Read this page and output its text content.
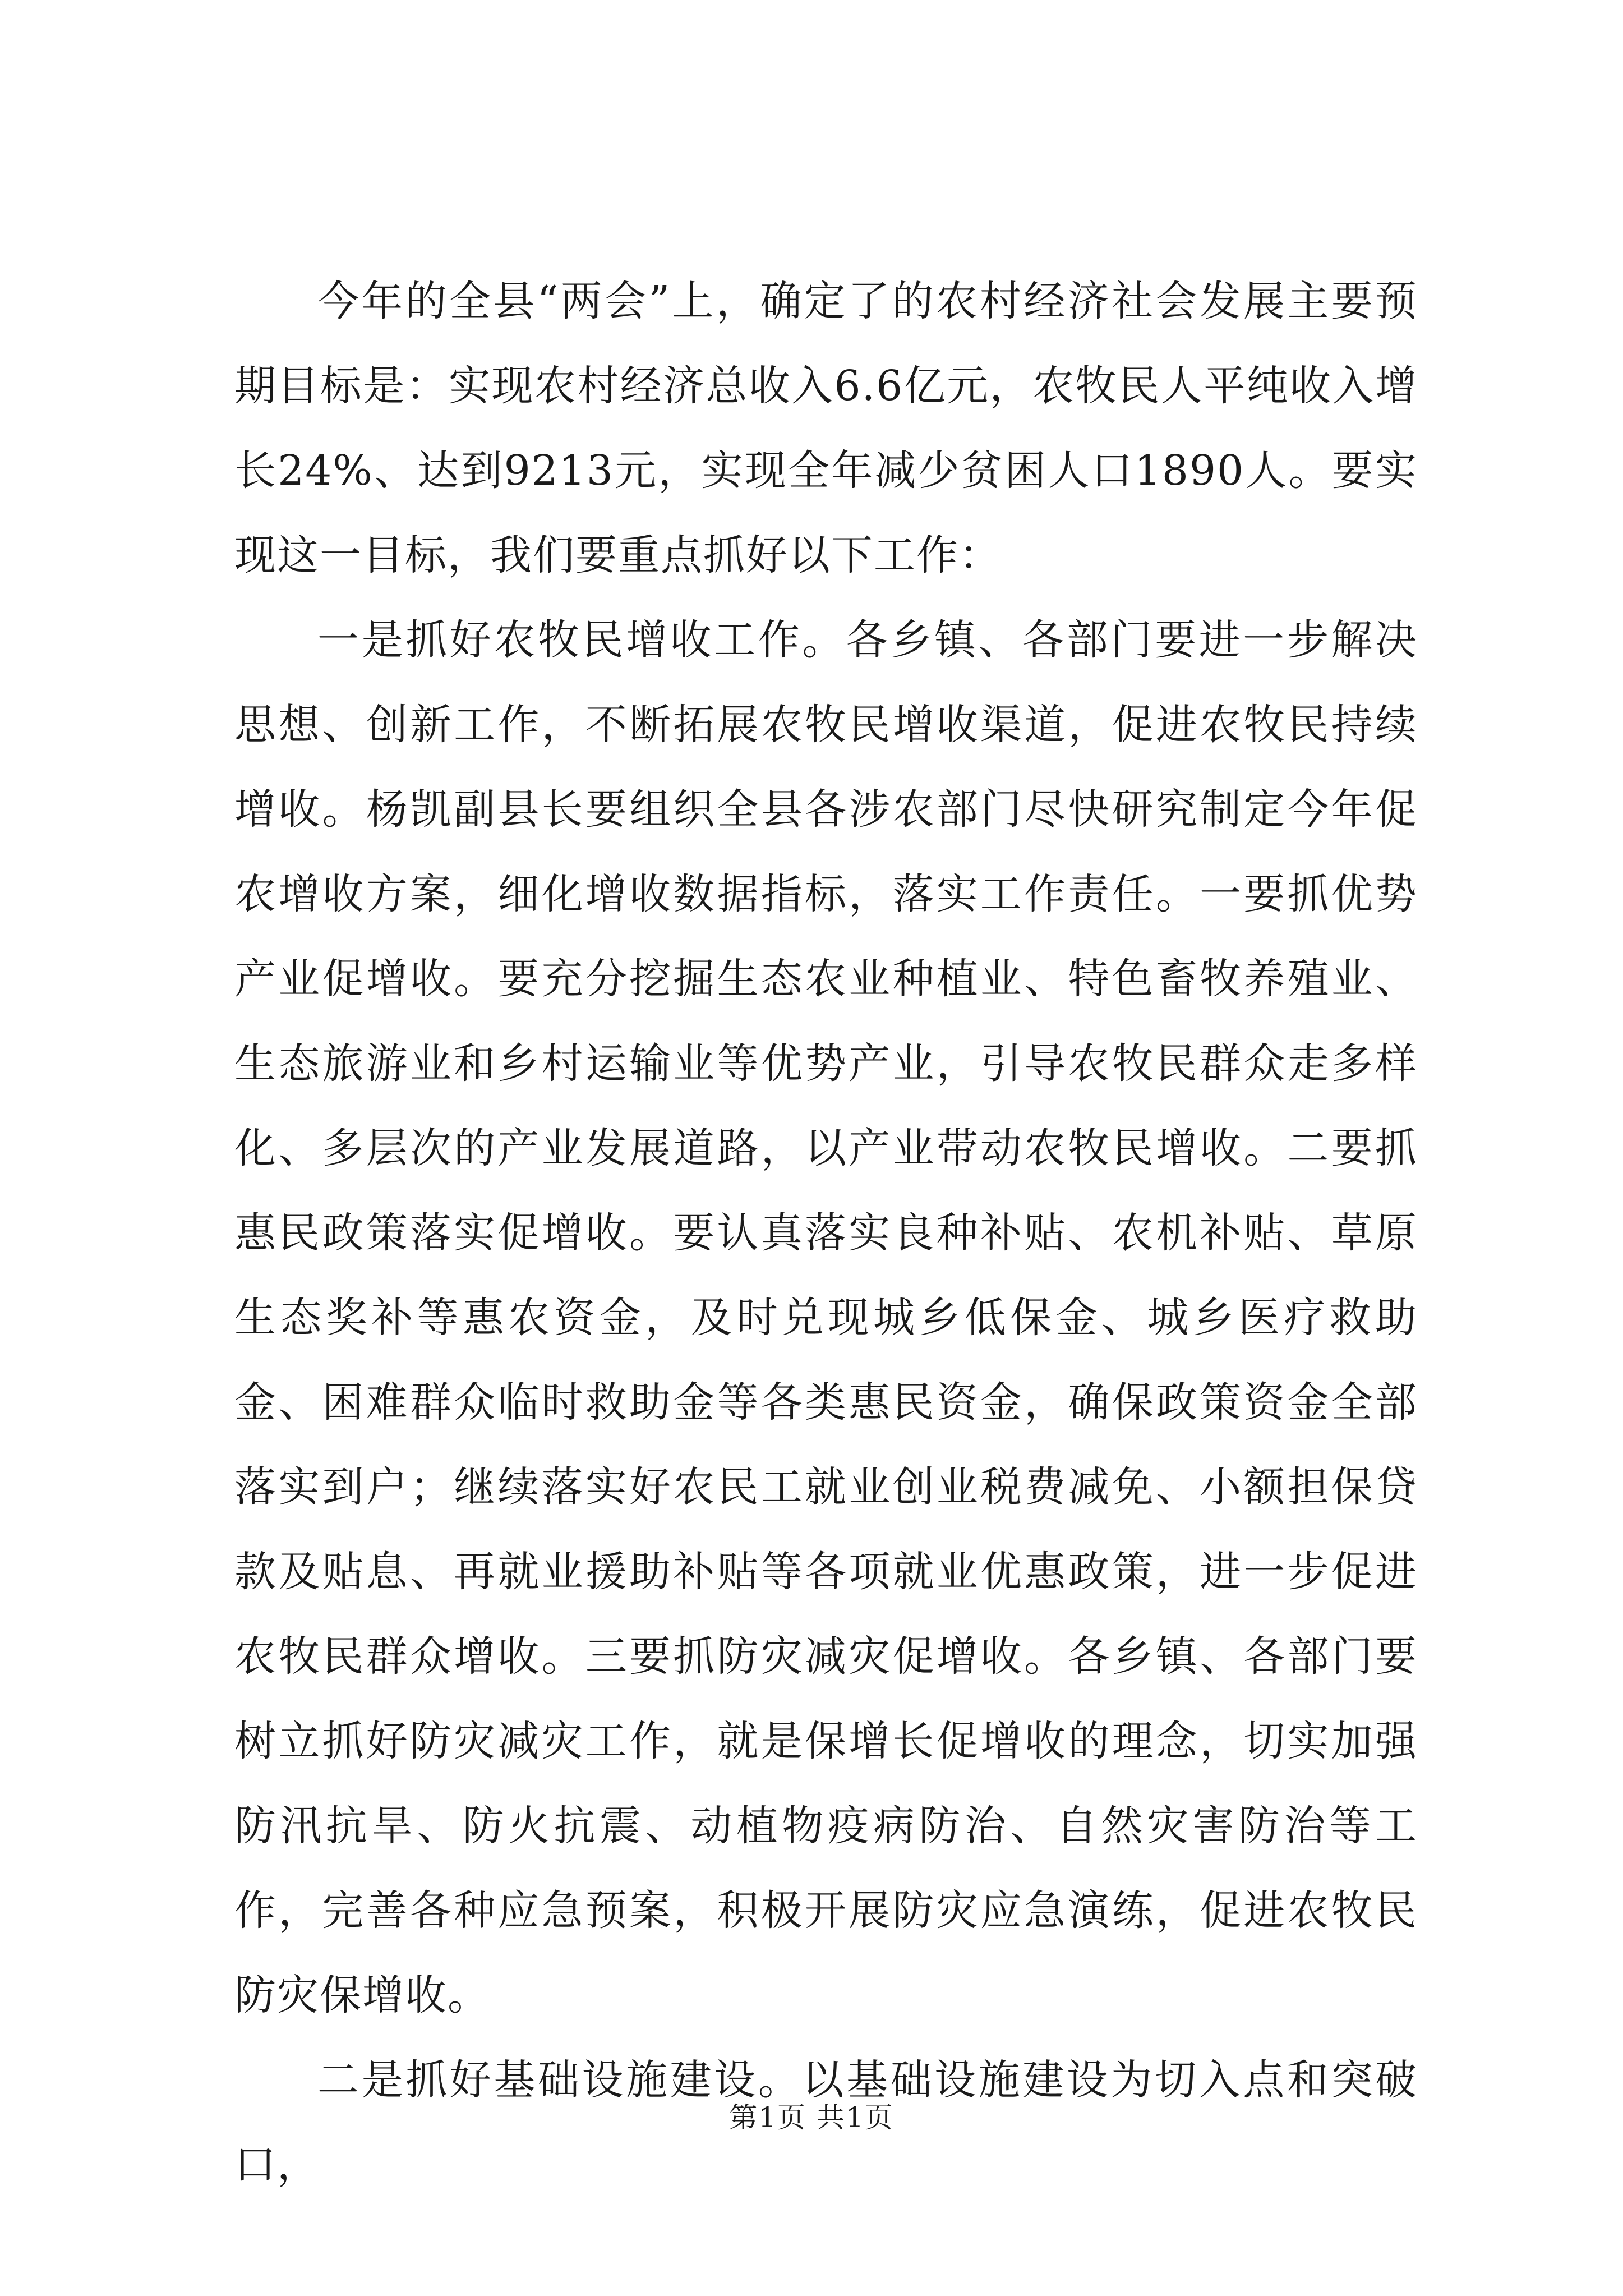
今年的全县“两会”上，确定了的农村经济社会发展主要预期目标是：实现农村经济总收入6.6亿元，农牧民人平纯收入增长24%、达到9213元，实现全年减少贫困人口1890人。要实现这一目标，我们要重点抓好以下工作：

一是抓好农牧民增收工作。各乡镇、各部门要进一步解决思想、创新工作，不断拓展农牧民增收渠道，促进农牧民持续增收。杨凯副县长要组织全县各涉农部门尽快研究制定今年促农增收方案，细化增收数据指标，落实工作责任。一要抓优势产业促增收。要充分挖掘生态农业种植业、特色畜牧养殖业、生态旅游业和乡村运输业等优势产业，引导农牧民群众走多样化、多层次的产业发展道路，以产业带动农牧民增收。二要抓惠民政策落实促增收。要认真落实良种补贴、农机补贴、草原生态奖补等惠农资金，及时兑现城乡低保金、城乡医疗救助金、困难群众临时救助金等各类惠民资金，确保政策资金全部落实到户；继续落实好农民工就业创业税费减免、小额担保贷款及贴息、再就业援助补贴等各项就业优惠政策，进一步促进农牧民群众增收。三要抓防灾减灾促增收。各乡镇、各部门要树立抓好防灾减灾工作，就是保增长促增收的理念，切实加强防汛抗旱、防火抗震、动植物疫病防治、自然灾害防治等工作，完善各种应急预案，积极开展防灾应急演练，促进农牧民防灾保增收。

二是抓好基础设施建设。以基础设施建设为切入点和突破口，

第1页 共1页
